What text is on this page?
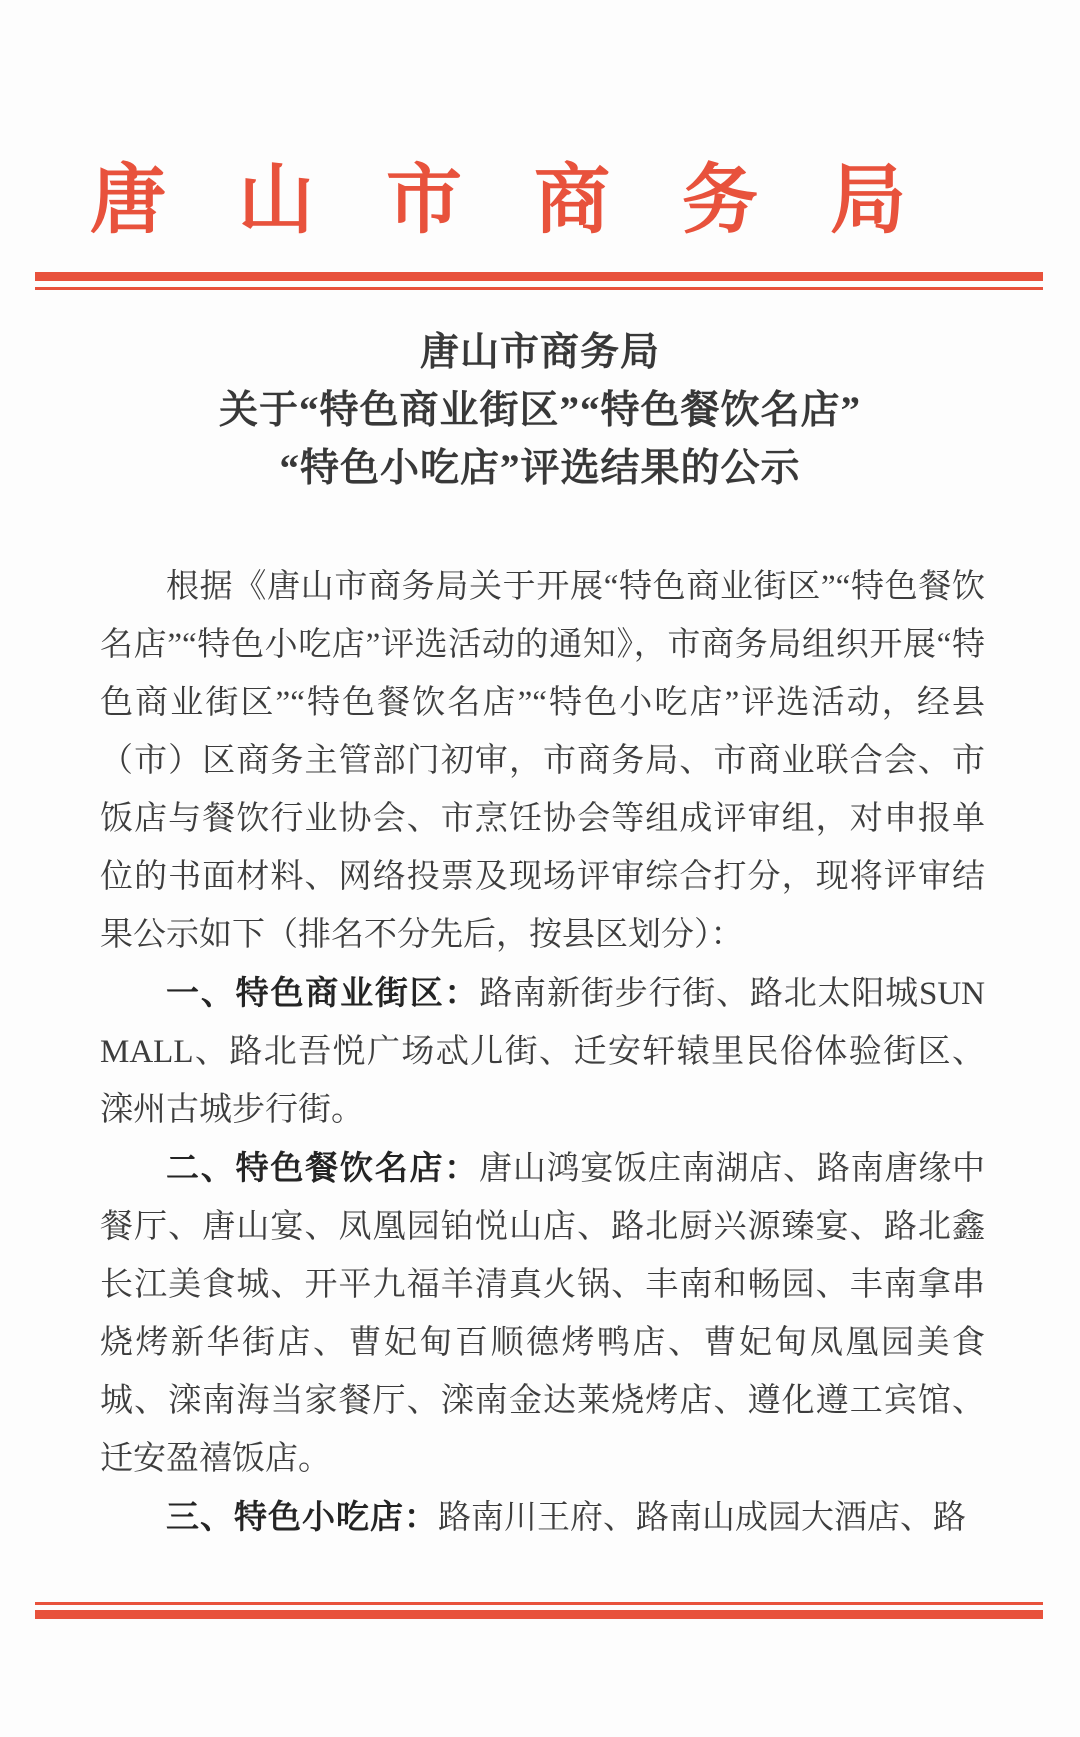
唐 山 市 商 务 局
唐山市商务局
关于“特色商业街区”“特色餐饮名店”
“特色小吃店”评选结果的公示

根据《唐山市商务局关于开展“特色商业街区”“特色餐饮名店”“特色小吃店”评选活动的通知》，市商务局组织开展“特色商业街区”“特色餐饮名店”“特色小吃店”评选活动，经县（市）区商务主管部门初审，市商务局、市商业联合会、市饭店与餐饮行业协会、市烹饪协会等组成评审组，对申报单位的书面材料、网络投票及现场评审综合打分，现将评审结果公示如下（排名不分先后，按县区划分）：

一、特色商业街区：路南新街步行街、路北太阳城SUN MALL、路北吾悦广场忒儿街、迁安轩辕里民俗体验街区、滦州古城步行街。

二、特色餐饮名店：唐山鸿宴饭庄南湖店、路南唐缘中餐厅、唐山宴、凤凰园铂悦山店、路北厨兴源臻宴、路北鑫长江美食城、开平九福羊清真火锅、丰南和畅园、丰南拿串烧烤新华街店、曹妃甸百顺德烤鸭店、曹妃甸凤凰园美食城、滦南海当家餐厅、滦南金达莱烧烤店、遵化遵工宾馆、迁安盈禧饭店。

三、特色小吃店：路南川王府、路南山成园大酒店、路
